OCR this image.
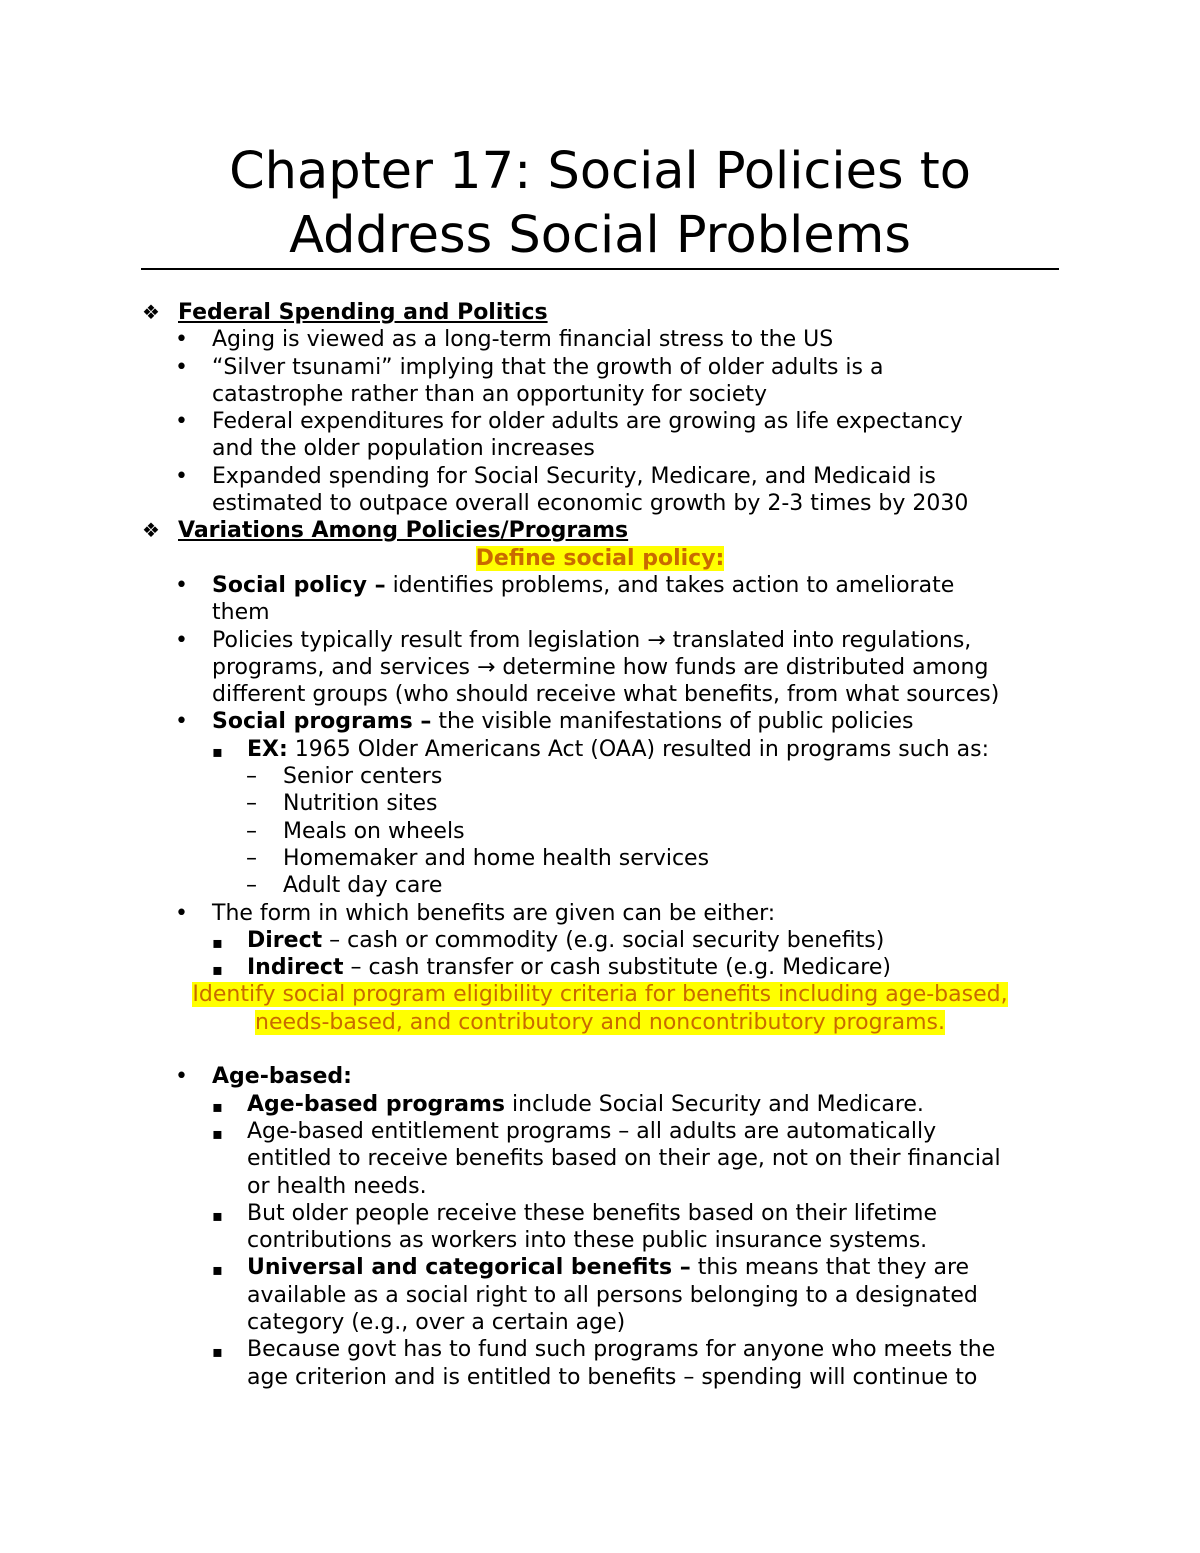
Chapter 17: Social Policies to
Address Social Problems
❖ Federal Spending and Politics
• Aging is viewed as a long-term financial stress to the US
• “Silver tsunami” implying that the growth of older adults is a
catastrophe rather than an opportunity for society
• Federal expenditures for older adults are growing as life expectancy
and the older population increases
• Expanded spending for Social Security, Medicare, and Medicaid is
estimated to outpace overall economic growth by 2-3 times by 2030
❖ Variations Among Policies/Programs
Define social policy:
• Social policy – identifies problems, and takes action to ameliorate
them
• Policies typically result from legislation → translated into regulations,
programs, and services → determine how funds are distributed among
different groups (who should receive what benefits, from what sources)
• Social programs – the visible manifestations of public policies
▪ EX: 1965 Older Americans Act (OAA) resulted in programs such as:
– Senior centers
– Nutrition sites
– Meals on wheels
– Homemaker and home health services
– Adult day care
• The form in which benefits are given can be either:
▪ Direct – cash or commodity (e.g. social security benefits)
▪ Indirect – cash transfer or cash substitute (e.g. Medicare)
Identify social program eligibility criteria for benefits including age-based,
needs-based, and contributory and noncontributory programs.
• Age-based:
▪ Age-based programs include Social Security and Medicare.
▪ Age-based entitlement programs – all adults are automatically
entitled to receive benefits based on their age, not on their financial
or health needs.
▪ But older people receive these benefits based on their lifetime
contributions as workers into these public insurance systems.
▪ Universal and categorical benefits – this means that they are
available as a social right to all persons belonging to a designated
category (e.g., over a certain age)
▪ Because govt has to fund such programs for anyone who meets the
age criterion and is entitled to benefits – spending will continue to
